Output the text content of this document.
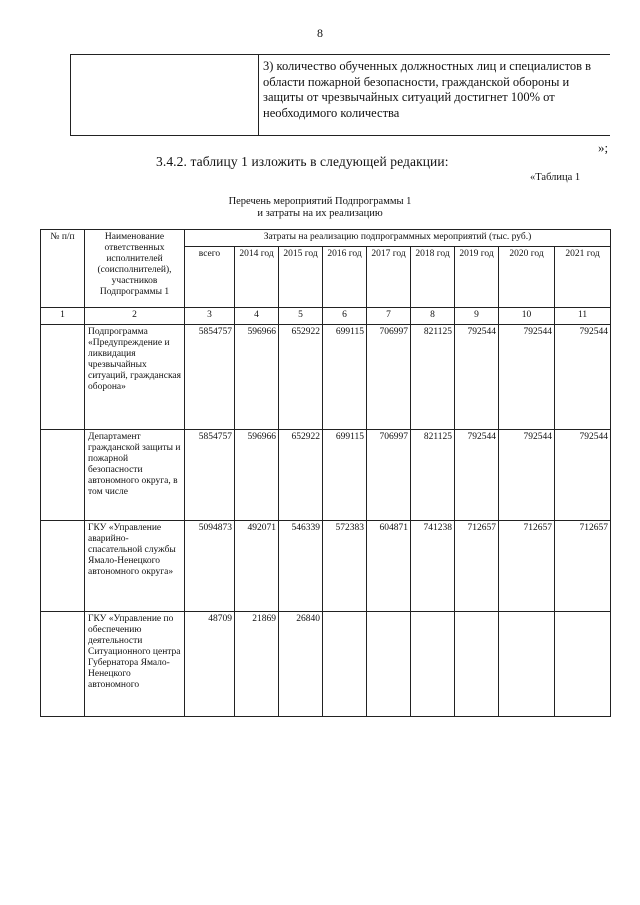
8
3) количество обученных должностных лиц и специалистов в области пожарной безопасности, гражданской обороны и защиты от чрезвычайных ситуаций достигнет 100% от необходимого количества
»;
3.4.2. таблицу 1 изложить в следующей редакции:
«Таблица 1
Перечень мероприятий Подпрограммы 1
и затраты на их реализацию
№ п/п	Наименование ответственных исполнителей (соисполнителей), участников Подпрограммы 1	Затраты на реализацию подпрограммных мероприятий (тыс. руб.)								
		всего	2014 год	2015 год	2016 год	2017 год	2018 год	2019 год	2020 год	2021 год
1	2	3	4	5	6	7	8	9	10	11
	Подпрограмма «Предупреждение и ликвидация чрезвычайных ситуаций, гражданская оборона»	5854757	596966	652922	699115	706997	821125	792544	792544	792544
	Департамент гражданской защиты и пожарной безопасности автономного округа, в том числе	5854757	596966	652922	699115	706997	821125	792544	792544	792544
	ГКУ «Управление аварийно-спасательной службы Ямало-Ненецкого автономного округа»	5094873	492071	546339	572383	604871	741238	712657	712657	712657
	ГКУ «Управление по обеспечению деятельности Ситуационного центра Губернатора Ямало-Ненецкого автономного	48709	21869	26840						
